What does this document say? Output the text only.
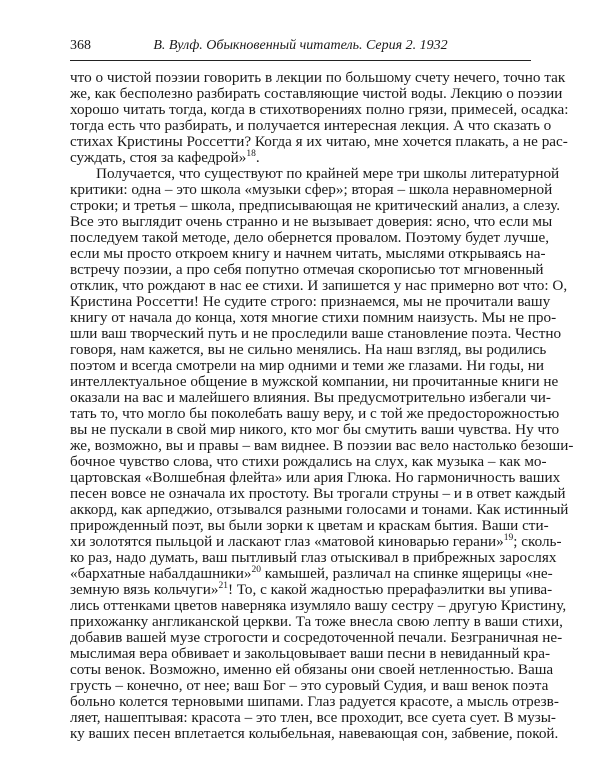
368	В. Вулф. Обыкновенный читатель. Серия 2. 1932
что о чистой поэзии говорить в лекции по большому счету нечего, точно так
же, как бесполезно разбирать составляющие чистой воды. Лекцию о поэзии
хорошо читать тогда, когда в стихотворениях полно грязи, примесей, осадка:
тогда есть что разбирать, и получается интересная лекция. А что сказать о
стихах Кристины Россетти? Когда я их читаю, мне хочется плакать, а не рас-
суждать, стоя за кафедрой»$^{18}$.
Получается, что существуют по крайней мере три школы литературной
критики: одна – это школа «музыки сфер»; вторая – школа неравномерной
строки; и третья – школа, предписывающая не критический анализ, а слезу.
Все это выглядит очень странно и не вызывает доверия: ясно, что если мы
последуем такой методе, дело обернется провалом. Поэтому будет лучше,
если мы просто откроем книгу и начнем читать, мыслями открываясь на-
встречу поэзии, а про себя попутно отмечая скорописью тот мгновенный
отклик, что рождают в нас ее стихи. И запишется у нас примерно вот что: О,
Кристина Россетти! Не судите строго: признаемся, мы не прочитали вашу
книгу от начала до конца, хотя многие стихи помним наизусть. Мы не про-
шли ваш творческий путь и не проследили ваше становление поэта. Честно
говоря, нам кажется, вы не сильно менялись. На наш взгляд, вы родились
поэтом и всегда смотрели на мир одними и теми же глазами. Ни годы, ни
интеллектуальное общение в мужской компании, ни прочитанные книги не
оказали на вас и малейшего влияния. Вы предусмотрительно избегали чи-
тать то, что могло бы поколебать вашу веру, и с той же предосторожностью
вы не пускали в свой мир никого, кто мог бы смутить ваши чувства. Ну что
же, возможно, вы и правы – вам виднее. В поэзии вас вело настолько безоши-
бочное чувство слова, что стихи рождались на слух, как музыка – как мо-
цартовская «Волшебная флейта» или ария Глюка. Но гармоничность ваших
песен вовсе не означала их простоту. Вы трогали струны – и в ответ каждый
аккорд, как арпеджио, отзывался разными голосами и тонами. Как истинный
прирожденный поэт, вы были зорки к цветам и краскам бытия. Ваши сти-
хи золотятся пыльцой и ласкают глаз «матовой киноварью герани»$^{19}$; сколь-
ко раз, надо думать, ваш пытливый глаз отыскивал в прибрежных зарослях
«бархатные набалдашники»$^{20}$ камышей, различал на спинке ящерицы «не-
земную вязь кольчуги»$^{21}$! То, с какой жадностью прерафаэлитки вы упива-
лись оттенками цветов наверняка изумляло вашу сестру – другую Кристину,
прихожанку англиканской церкви. Та тоже внесла свою лепту в ваши стихи,
добавив вашей музе строгости и сосредоточенной печали. Безграничная не-
мыслимая вера обвивает и закольцовывает ваши песни в невиданный кра-
соты венок. Возможно, именно ей обязаны они своей нетленностью. Ваша
грусть – конечно, от нее; ваш Бог – это суровый Судия, и ваш венок поэта
больно колется терновыми шипами. Глаз радуется красоте, а мысль отрезв-
ляет, нашептывая: красота – это тлен, все проходит, все суета сует. В музы-
ку ваших песен вплетается колыбельная, навевающая сон, забвение, покой.
